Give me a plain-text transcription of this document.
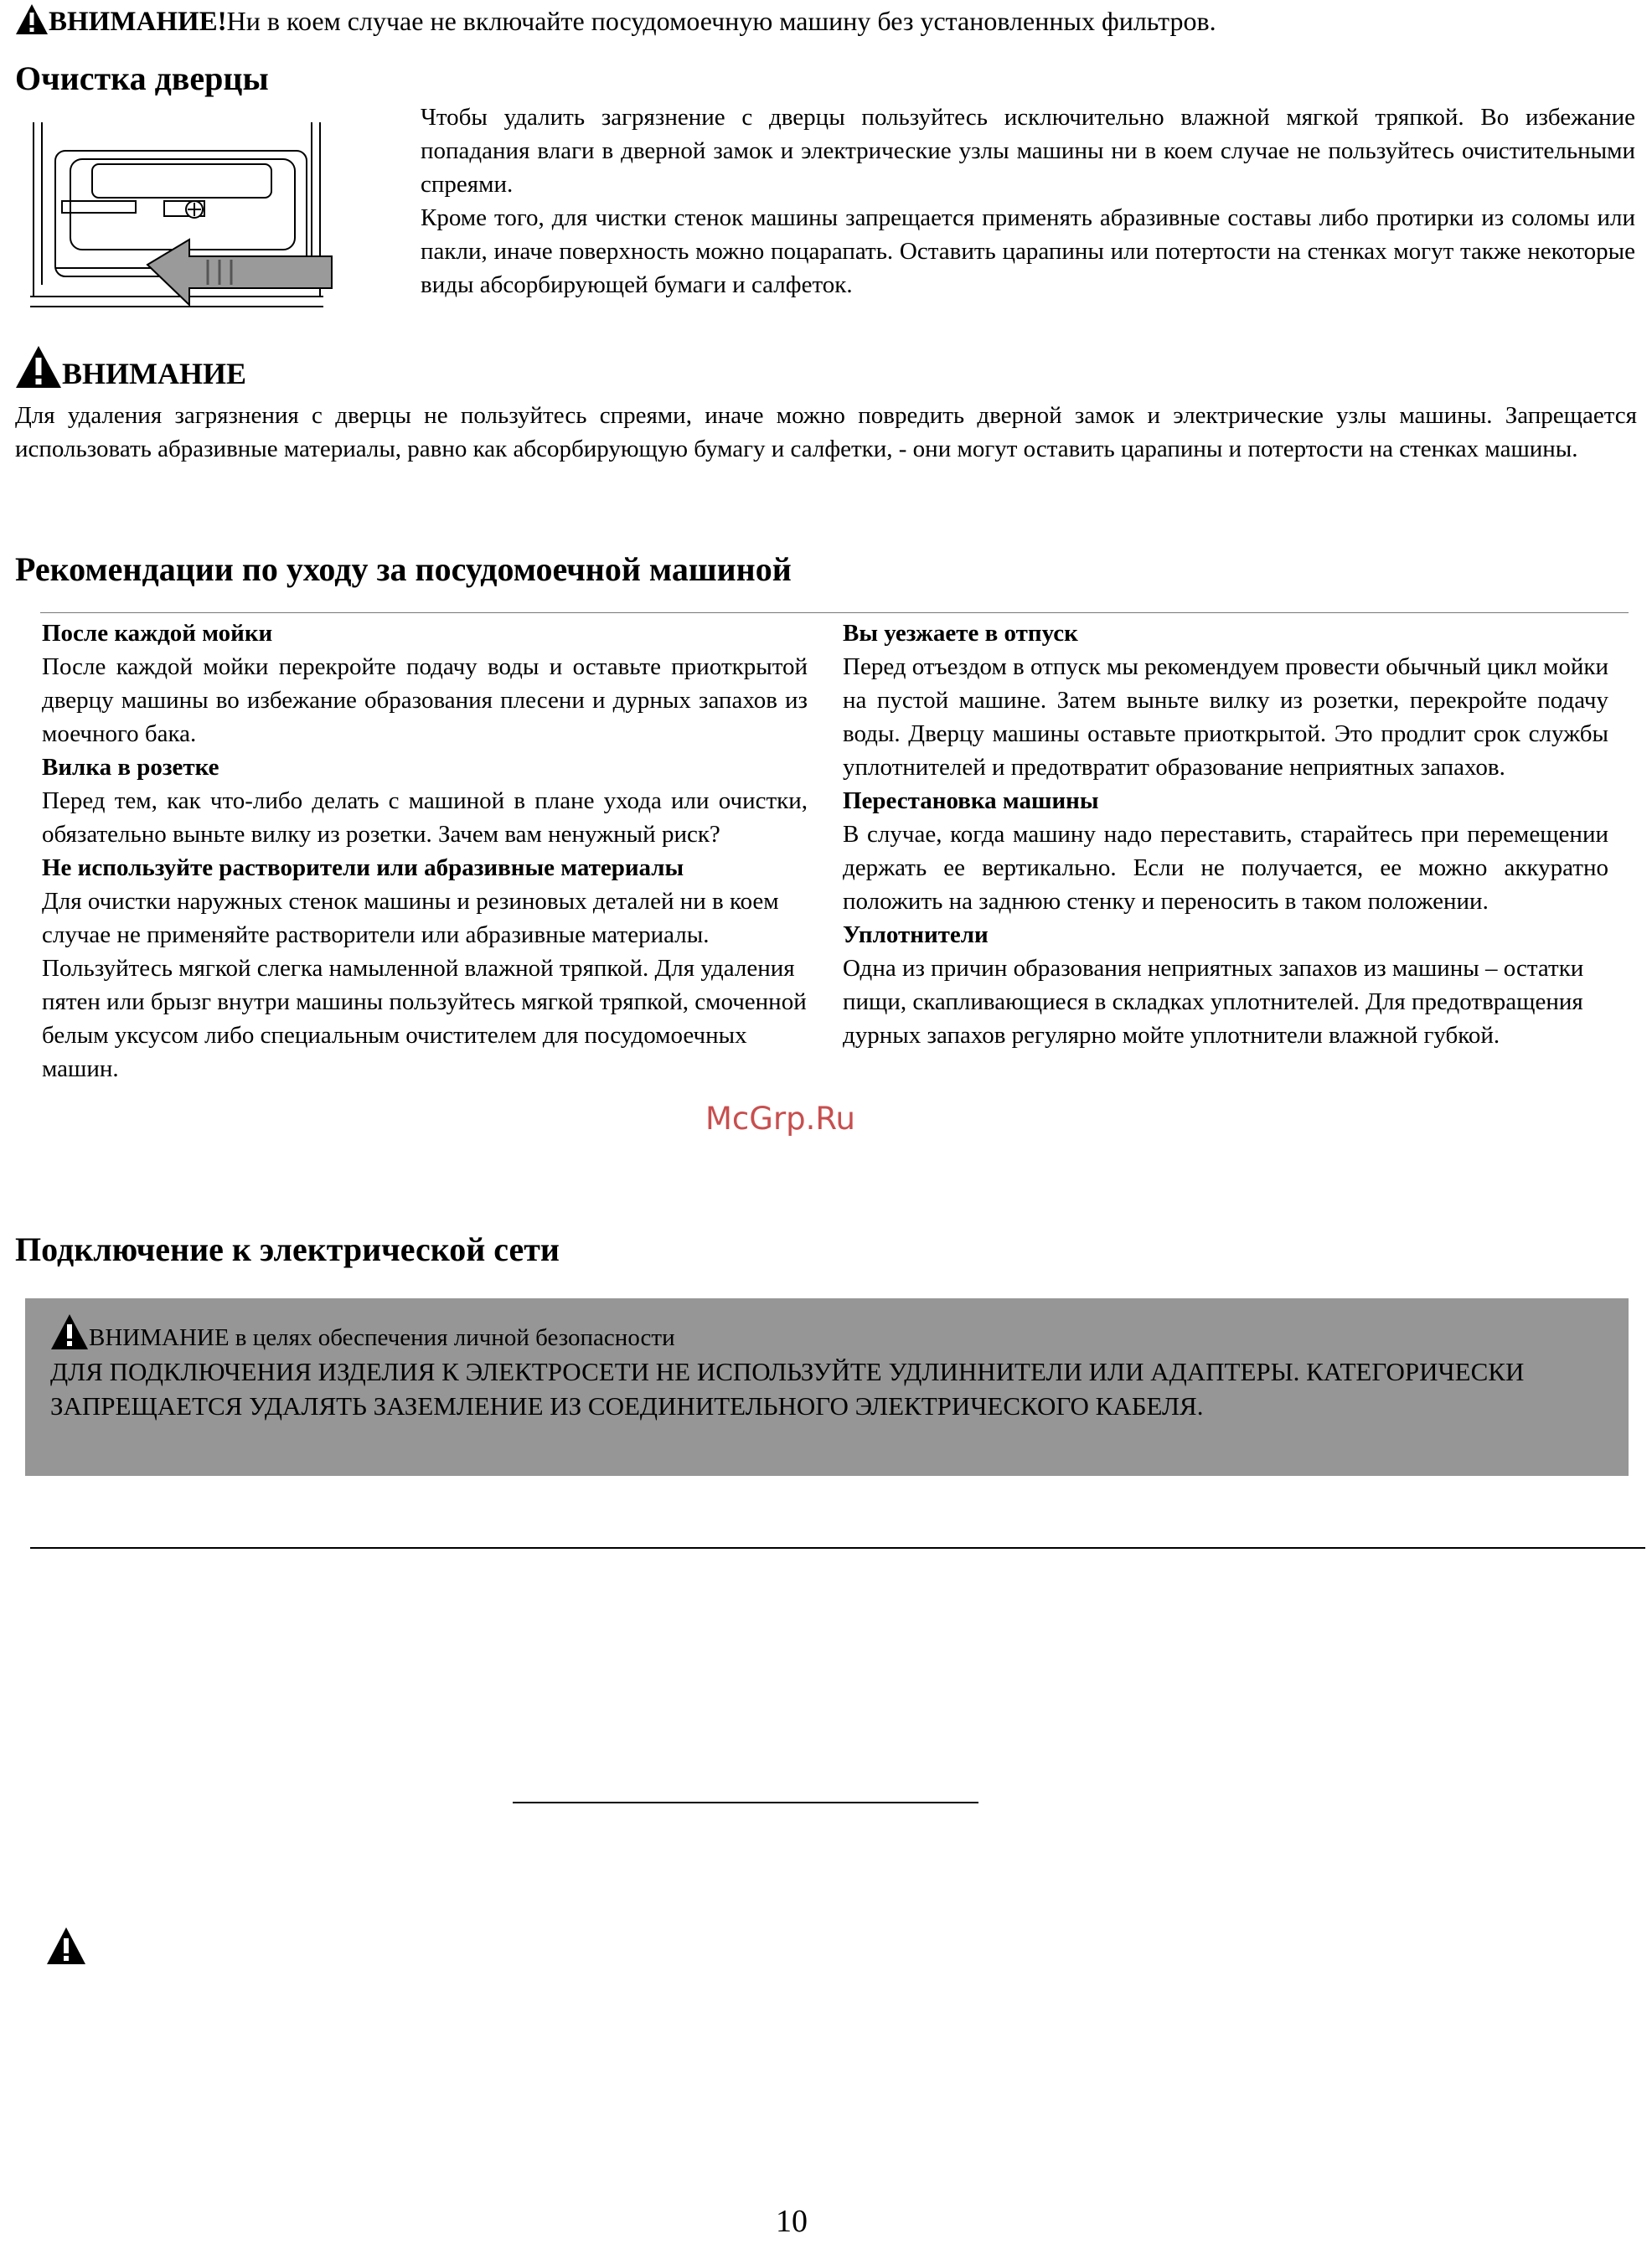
ВНИМАНИЕ!Ни в коем случае не включайте посудомоечную машину без установленных фильтров.
Очистка дверцы
Чтобы удалить загрязнение с дверцы пользуйтесь исключительно влажной мягкой тряпкой. Во избежание попадания влаги в дверной замок и электрические узлы машины ни в коем случае не пользуйтесь очистительными спреями.
Кроме того, для чистки стенок машины запрещается применять абразивные составы либо протирки из соломы или пакли, иначе поверхность можно поцарапать. Оставить царапины или потертости на стенках могут также некоторые виды абсорбирующей бумаги и салфеток.
ВНИМАНИЕ
Для удаления загрязнения с дверцы не пользуйтесь спреями, иначе можно повредить дверной замок и электрические узлы машины. Запрещается использовать абразивные материалы, равно как абсорбирующую бумагу и салфетки, - они могут оставить царапины и потертости на стенках машины.
Рекомендации по уходу за посудомоечной машиной

После каждой мойки

После каждой мойки перекройте подачу воды и оставьте приоткрытой дверцу машины во избежание образования плесени и дурных запахов из моечного бака.

Вилка в розетке

Перед тем, как что-либо делать с машиной в плане ухода или очистки, обязательно выньте вилку из розетки. Зачем вам ненужный риск?

Не используйте растворители или абразивные материалы

Для очистки наружных стенок машины и резиновых деталей ни в коем случае не применяйте растворители или абразивные материалы. Пользуйтесь мягкой слегка намыленной влажной тряпкой. Для удаления пятен или брызг внутри машины пользуйтесь мягкой тряпкой, смоченной белым уксусом либо специальным очистителем для посудомоечных машин.

Вы уезжаете в отпуск

Перед отъездом в отпуск мы рекомендуем провести обычный цикл мойки на пустой машине. Затем выньте вилку из розетки, перекройте подачу воды. Дверцу машины оставьте приоткрытой. Это продлит срок службы уплотнителей и предотвратит образование неприятных запахов.

Перестановка машины

В случае, когда машину надо переставить, старайтесь при перемещении держать ее вертикально. Если не получается, ее можно аккуратно положить на заднюю стенку и переносить в таком положении.

Уплотнители

Одна из причин образования неприятных запахов из машины – остатки пищи, скапливающиеся в складках уплотнителей. Для предотвращения дурных запахов регулярно мойте уплотнители влажной губкой.

McGrp.Ru
Подключение к электрической сети
ВНИМАНИЕ в целях обеспечения личной безопасности
ДЛЯ ПОДКЛЮЧЕНИЯ ИЗДЕЛИЯ К ЭЛЕКТРОСЕТИ НЕ ИСПОЛЬЗУЙТЕ УДЛИННИТЕЛИ ИЛИ АДАПТЕРЫ. КАТЕГОРИЧЕСКИ ЗАПРЕЩАЕТСЯ УДАЛЯТЬ ЗАЗЕМЛЕНИЕ ИЗ СОЕДИНИТЕЛЬНОГО ЭЛЕКТРИЧЕСКОГО КАБЕЛЯ.
10
